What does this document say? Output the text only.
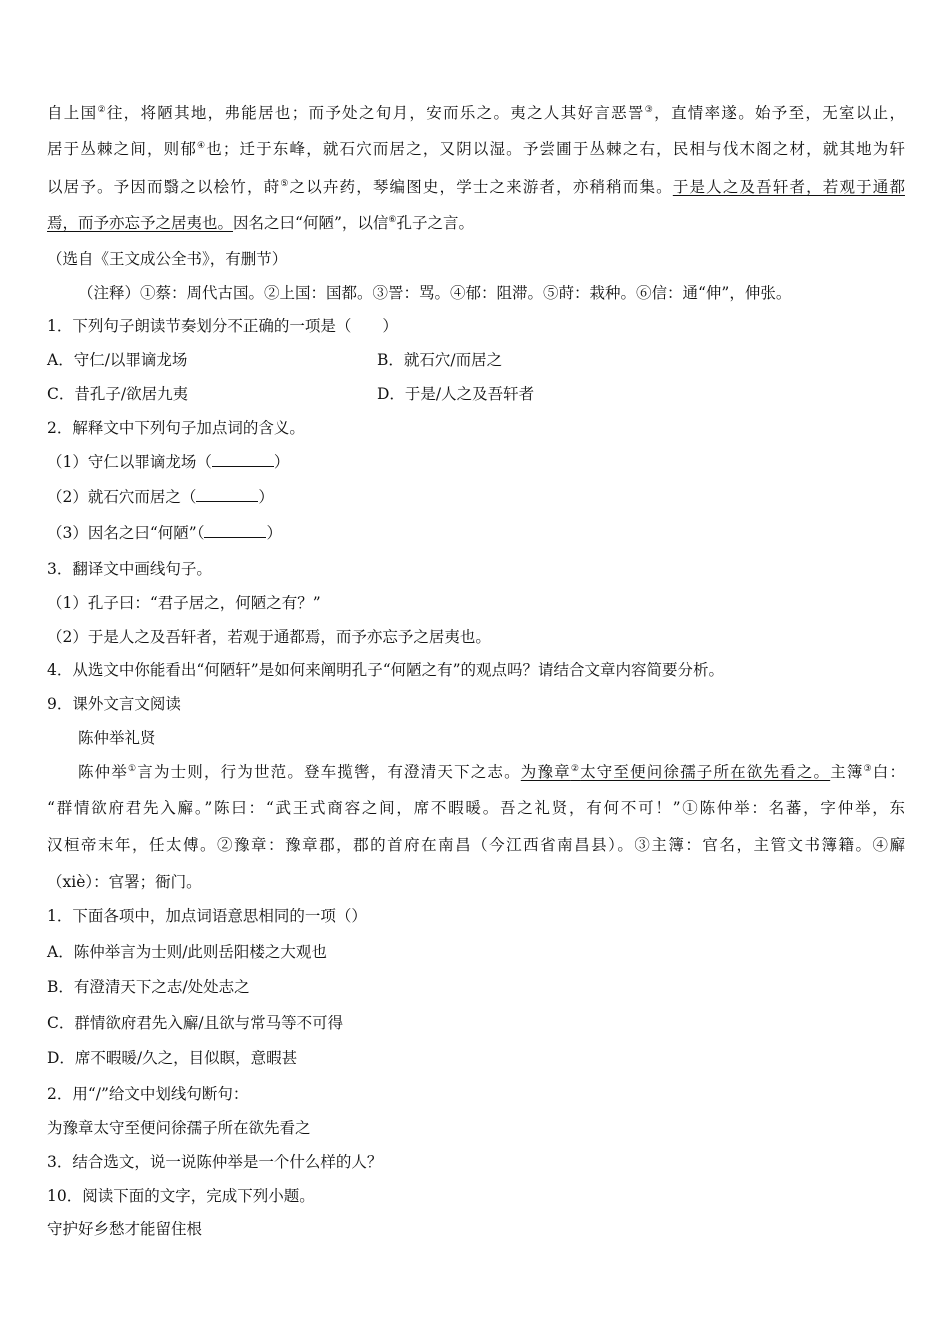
自上国②往，将陋其地，弗能居也；而予处之旬月，安而乐之。夷之人其好言恶詈③，直情率遂。始予至，无室以止，
居于丛棘之间，则郁④也；迁于东峰，就石穴而居之，又阴以湿。予尝圃于丛棘之右，民相与伐木阁之材，就其地为轩
以居予。予因而翳之以桧竹，莳⑤之以卉药，琴编图史，学士之来游者，亦稍稍而集。于是人之及吾轩者，若观于通都
焉，而予亦忘予之居夷也。因名之曰“何陋”，以信⑥孔子之言。
（选自《王文成公全书》，有删节）
（注释）①蔡：周代古国。②上国：国都。③詈：骂。④郁：阻滞。⑤莳：栽种。⑥信：通“伸”，伸张。
1．下列句子朗读节奏划分不正确的一项是（　　）
A．守仁/以罪谪龙场	B．就石穴/而居之
C．昔孔子/欲居九夷	D．于是/人之及吾轩者
2．解释文中下列句子加点词的含义。
（1）守仁以罪谪龙场（	）
（2）就石穴而居之（	）
（3）因名之曰“何陋”（	）
3．翻译文中画线句子。
（1）孔子曰：“君子居之，何陋之有？”
（2）于是人之及吾轩者，若观于通都焉，而予亦忘予之居夷也。
4．从选文中你能看出“何陋轩”是如何来阐明孔子“何陋之有”的观点吗？请结合文章内容简要分析。
9．课外文言文阅读
陈仲举礼贤
陈仲举①言为士则，行为世范。登车揽辔，有澄清天下之志。为豫章②太守至便问徐孺子所在欲先看之。主簿③白：
“群情欲府君先入廨。”陈曰：“武王式商容之间，席不暇暖。吾之礼贤，有何不可！”①陈仲举：名蕃，字仲举，东
汉桓帝末年，任太傅。②豫章：豫章郡，郡的首府在南昌（今江西省南昌县）。③主簿：官名，主管文书簿籍。④廨
（xiè）：官署；衙门。
1．下面各项中，加点词语意思相同的一项（）
A．陈仲举言为士则/此则岳阳楼之大观也
B．有澄清天下之志/处处志之
C．群情欲府君先入廨/且欲与常马等不可得
D．席不暇暖/久之，目似瞑，意暇甚
2．用“/”给文中划线句断句：
为豫章太守至便问徐孺子所在欲先看之
3．结合选文，说一说陈仲举是一个什么样的人？
10．阅读下面的文字，完成下列小题。
守护好乡愁才能留住根
